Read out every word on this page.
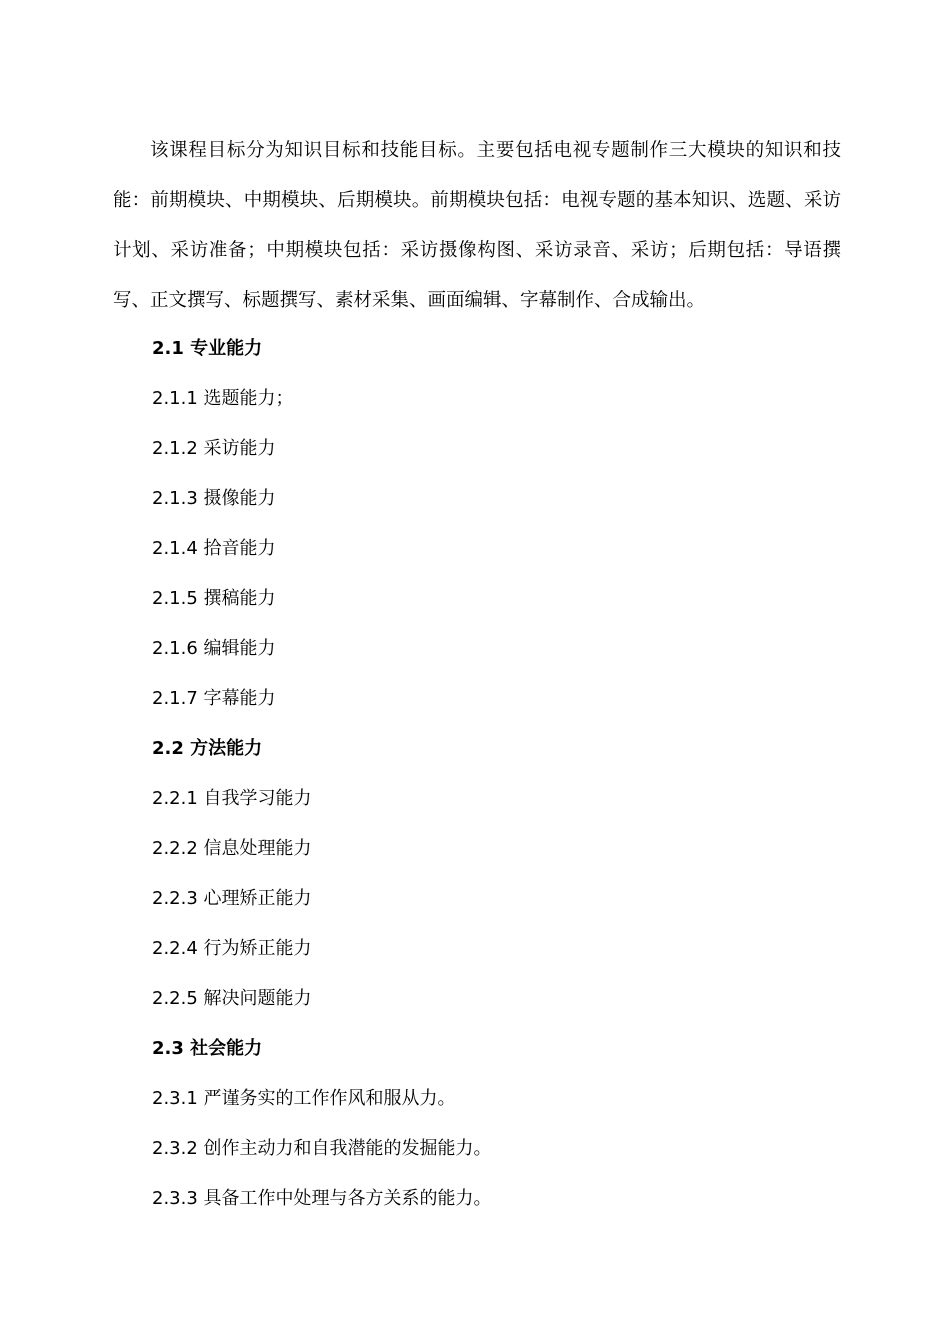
该课程目标分为知识目标和技能目标。主要包括电视专题制作三大模块的知识和技能：前期模块、中期模块、后期模块。前期模块包括：电视专题的基本知识、选题、采访计划、采访准备；中期模块包括：采访摄像构图、采访录音、采访；后期包括：导语撰写、正文撰写、标题撰写、素材采集、画面编辑、字幕制作、合成输出。

2.1 专业能力
2.1.1 选题能力；
2.1.2 采访能力
2.1.3 摄像能力
2.1.4 拾音能力
2.1.5 撰稿能力
2.1.6 编辑能力
2.1.7 字幕能力
2.2 方法能力
2.2.1 自我学习能力
2.2.2 信息处理能力
2.2.3 心理矫正能力
2.2.4 行为矫正能力
2.2.5 解决问题能力
2.3 社会能力
2.3.1 严谨务实的工作作风和服从力。
2.3.2 创作主动力和自我潜能的发掘能力。
2.3.3 具备工作中处理与各方关系的能力。
